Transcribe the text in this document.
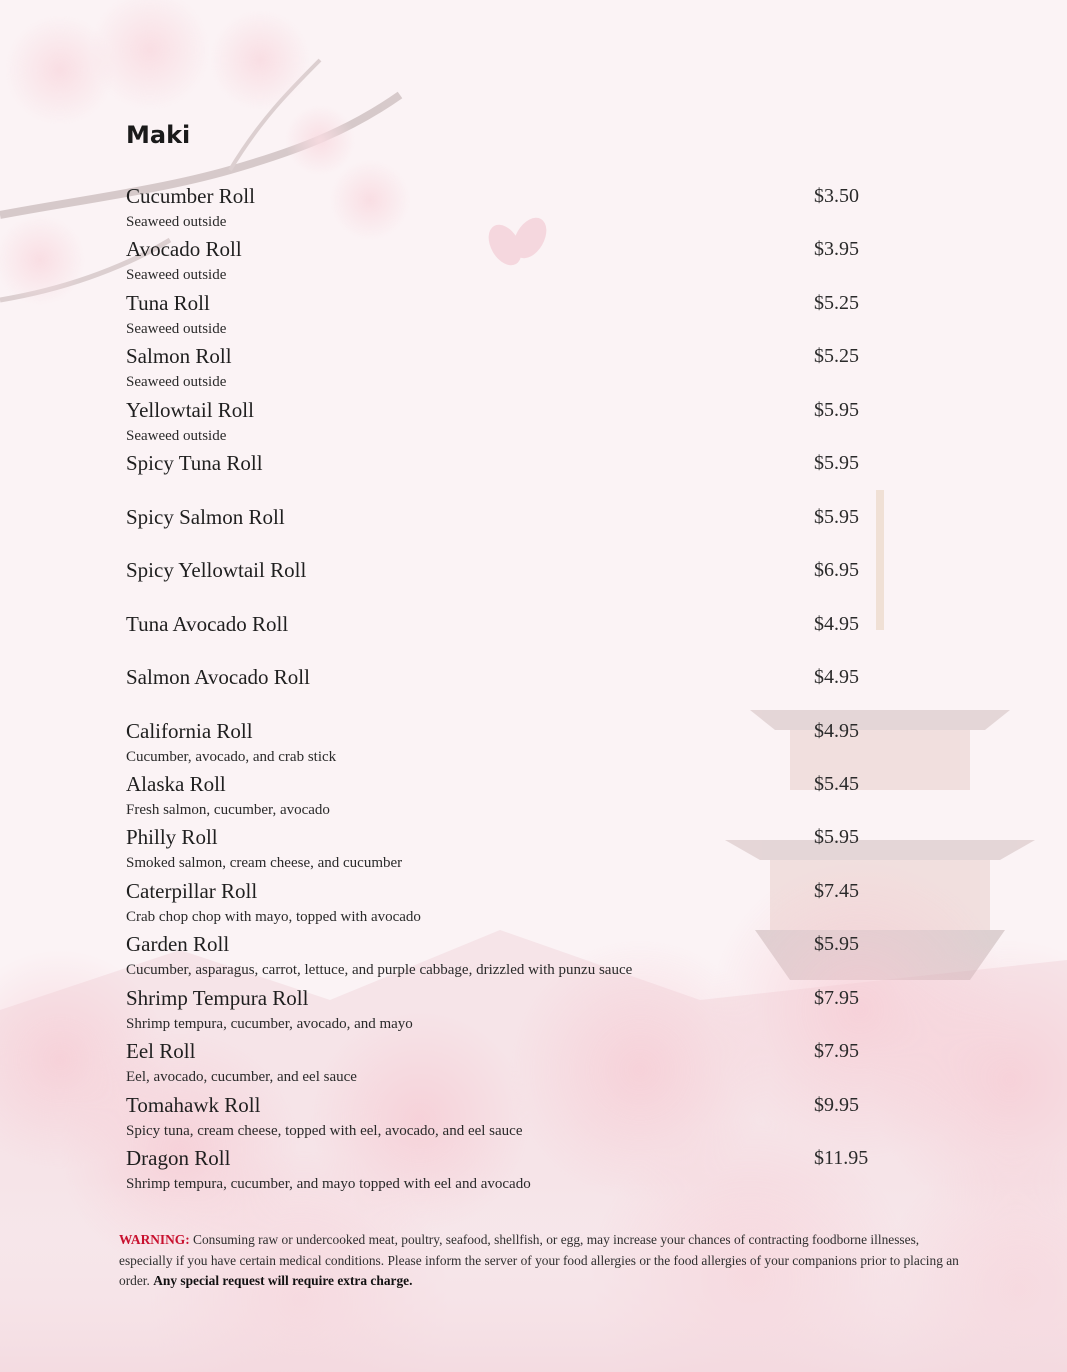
Maki
Cucumber Roll
Seaweed outside
$3.50
Avocado Roll
Seaweed outside
$3.95
Tuna Roll
Seaweed outside
$5.25
Salmon Roll
Seaweed outside
$5.25
Yellowtail Roll
Seaweed outside
$5.95
Spicy Tuna Roll	$5.95
Spicy Salmon Roll	$5.95
Spicy Yellowtail Roll	$6.95
Tuna Avocado Roll	$4.95
Salmon Avocado Roll	$4.95
California Roll
Cucumber, avocado, and crab stick
$4.95
Alaska Roll
Fresh salmon, cucumber, avocado
$5.45
Philly Roll
Smoked salmon, cream cheese, and cucumber
$5.95
Caterpillar Roll
Crab chop chop with mayo, topped with avocado
$7.45
Garden Roll
Cucumber, asparagus, carrot, lettuce, and purple cabbage, drizzled with punzu sauce
$5.95
Shrimp Tempura Roll
Shrimp tempura, cucumber, avocado, and mayo
$7.95
Eel Roll
Eel, avocado, cucumber, and eel sauce
$7.95
Tomahawk Roll
Spicy tuna, cream cheese, topped with eel, avocado, and eel sauce
$9.95
Dragon Roll
Shrimp tempura, cucumber, and mayo topped with eel and avocado
$11.95

WARNING: Consuming raw or undercooked meat, poultry, seafood, shellfish, or egg, may increase your chances of contracting foodborne illnesses, especially if you have certain medical conditions. Please inform the server of your food allergies or the food allergies of your companions prior to placing an order. Any special request will require extra charge.
